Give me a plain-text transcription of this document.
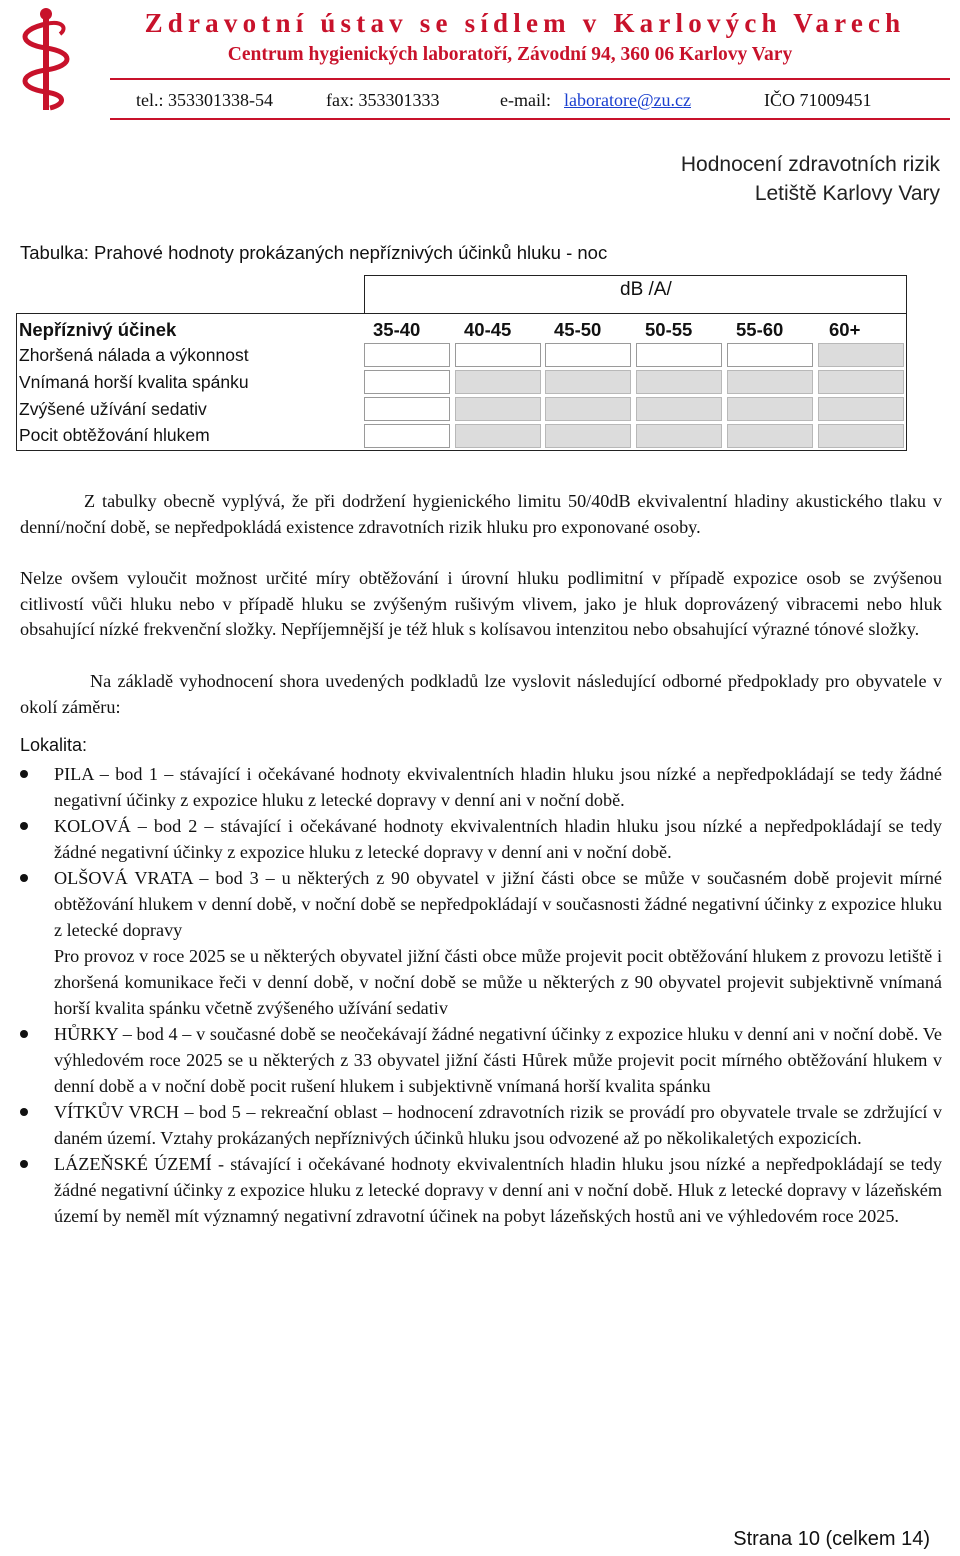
Zdravotní ústav se sídlem v Karlových Varech
Centrum hygienických laboratoří, Závodní 94, 360 06 Karlovy Vary
tel.: 353301338-54	fax: 353301333	e-mail: laboratore@zu.cz	IČO 71009451
Hodnocení zdravotních rizik
Letiště Karlovy Vary
Tabulka: Prahové hodnoty prokázaných nepříznivých účinků hluku - noc
dB /A/
Nepříznivý účinek	35-40 40-45 45-50 50-55 55-60 60+
Zhoršená nálada a výkonnost
Vnímaná horší kvalita spánku
Zvýšené užívání sedativ
Pocit obtěžování hlukem
Z tabulky obecně vyplývá, že při dodržení hygienického limitu 50/40dB ekvivalentní hladiny akustického tlaku v denní/noční době, se nepředpokládá existence zdravotních rizik hluku pro exponované osoby.
Nelze ovšem vyloučit možnost určité míry obtěžování i úrovní hluku podlimitní v případě expozice osob se zvýšenou citlivostí vůči hluku nebo v případě hluku se zvýšeným rušivým vlivem, jako je hluk doprovázený vibracemi nebo hluk obsahující nízké frekvenční složky. Nepříjemnější je též hluk s kolísavou intenzitou nebo obsahující výrazné tónové složky.
Na základě vyhodnocení shora uvedených podkladů lze vyslovit následující odborné předpoklady pro obyvatele v okolí záměru:
Lokalita:

PILA – bod 1 – stávající i očekávané hodnoty ekvivalentních hladin hluku jsou nízké a nepředpokládají se tedy žádné negativní účinky z expozice hluku z letecké dopravy v denní ani v noční době.

KOLOVÁ – bod 2 – stávající i očekávané hodnoty ekvivalentních hladin hluku jsou nízké a nepředpokládají se tedy žádné negativní účinky z expozice hluku z letecké dopravy v denní ani v noční době.

OLŠOVÁ VRATA – bod 3 – u některých z 90 obyvatel v jižní části obce se může v současném době projevit mírné obtěžování hlukem v denní době, v noční době se nepředpokládají v současnosti žádné negativní účinky z expozice hluku z letecké dopravy

Pro provoz v roce 2025 se u některých obyvatel jižní části obce může projevit pocit obtěžování hlukem z provozu letiště i zhoršená komunikace řeči v denní době, v noční době se může u některých z 90 obyvatel projevit subjektivně vnímaná horší kvalita spánku včetně zvýšeného užívání sedativ

HŮRKY – bod 4 – v současné době se neočekávají žádné negativní účinky z expozice hluku v denní ani v noční době. Ve výhledovém roce 2025 se u některých z 33 obyvatel jižní části Hůrek může projevit pocit mírného obtěžování hlukem v denní době a v noční době pocit rušení hlukem i subjektivně vnímaná horší kvalita spánku

VÍTKŮV VRCH – bod 5 – rekreační oblast – hodnocení zdravotních rizik se provádí pro obyvatele trvale se zdržující v daném území. Vztahy prokázaných nepříznivých účinků hluku jsou odvozené až po několikaletých expozicích.

LÁZEŇSKÉ ÚZEMÍ - stávající i očekávané hodnoty ekvivalentních hladin hluku jsou nízké a nepředpokládají se tedy žádné negativní účinky z expozice hluku z letecké dopravy v denní ani v noční době. Hluk z letecké dopravy v lázeňském území by neměl mít významný negativní zdravotní účinek na pobyt lázeňských hostů ani ve výhledovém roce 2025.

Strana 10 (celkem 14)
